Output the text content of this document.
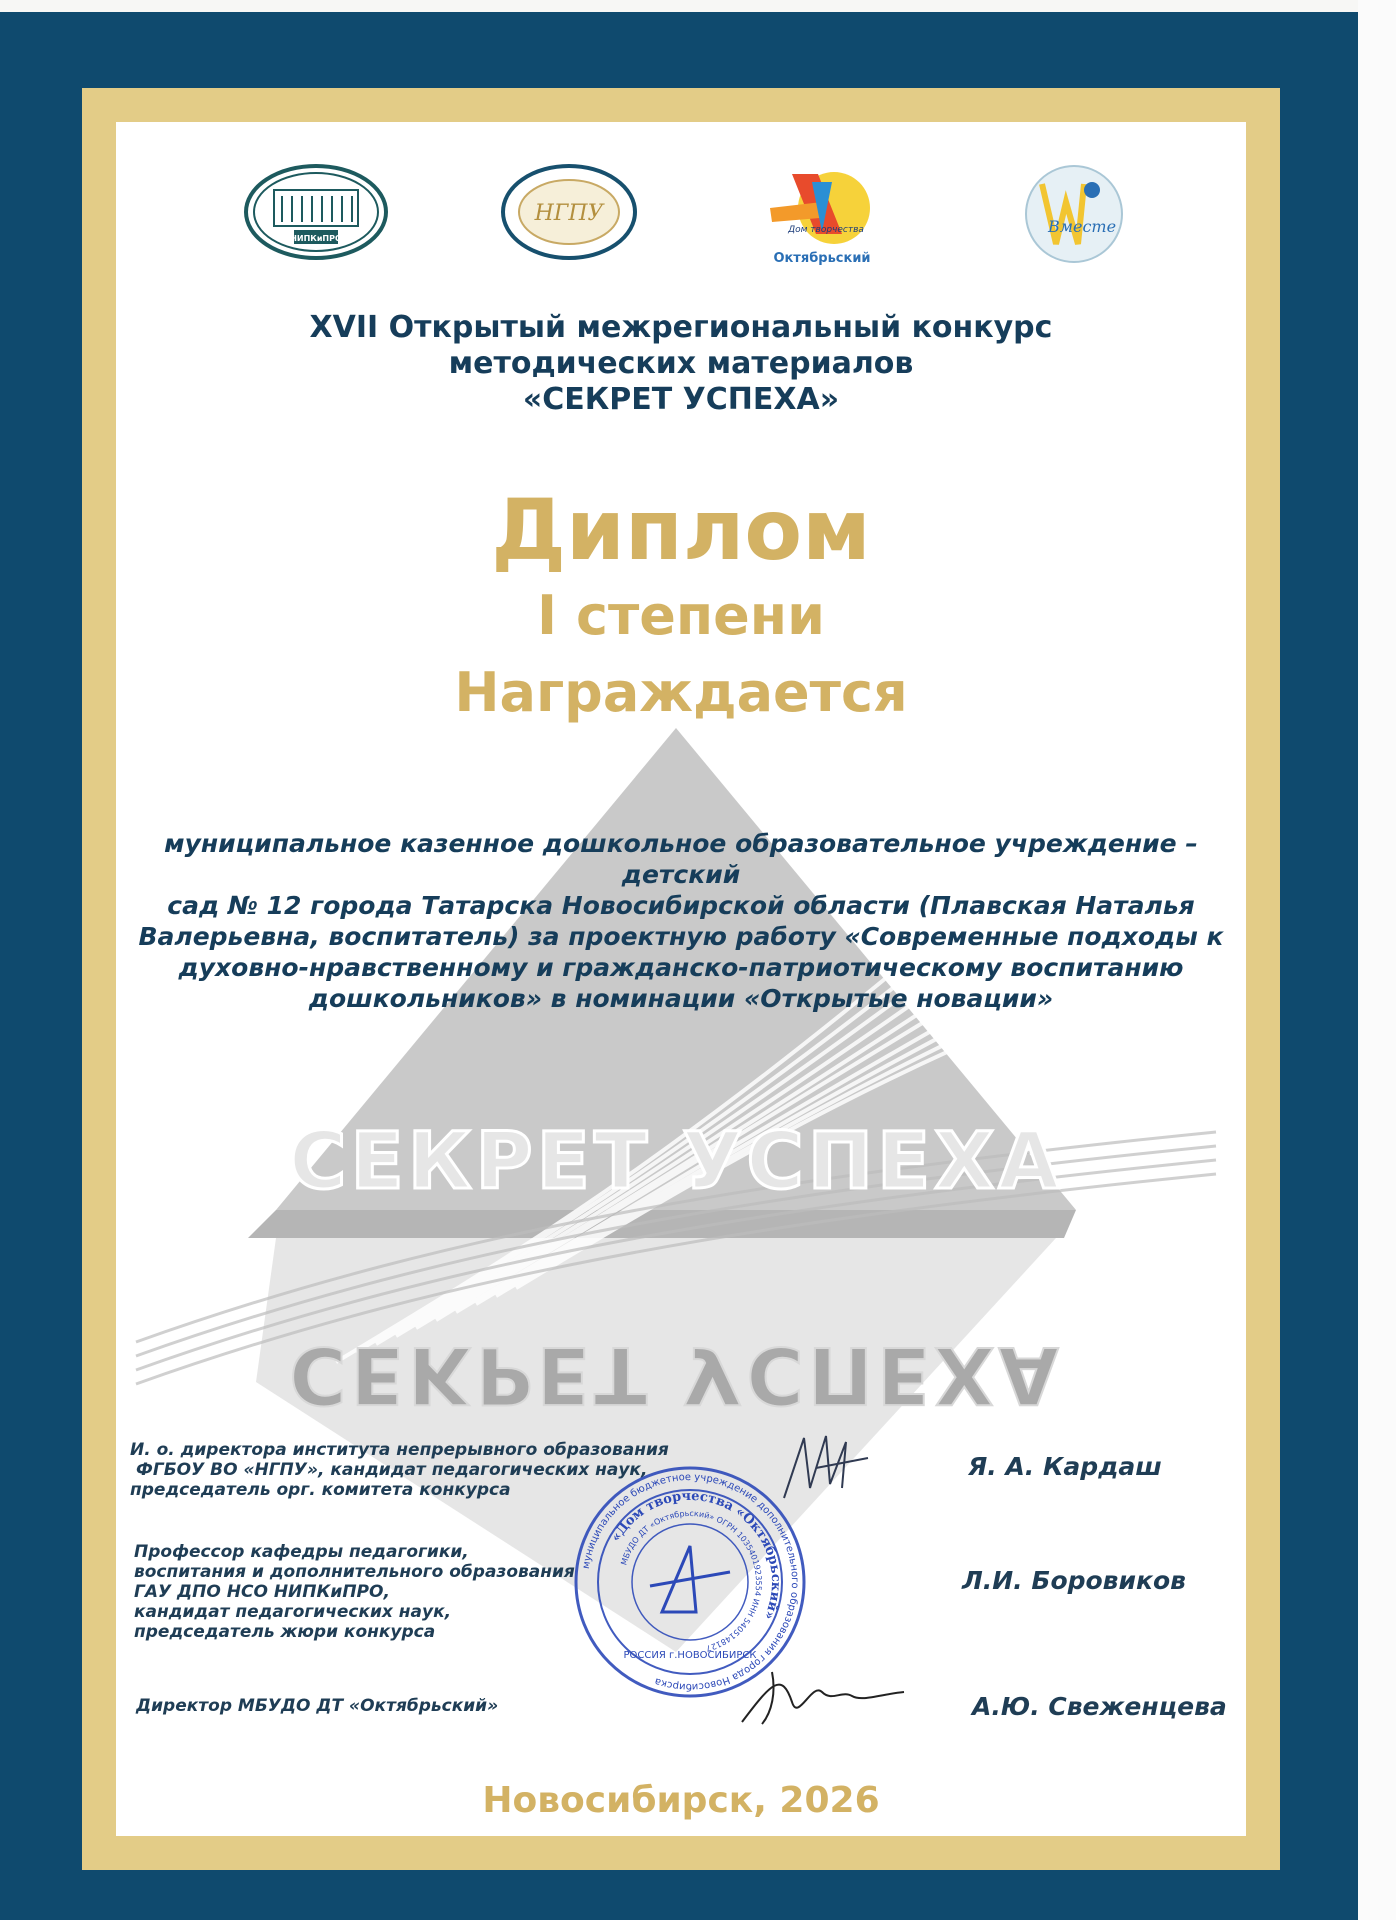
СЕКРЕТ УСПЕХА
СЕКРЕТ УСПЕХА
НИПКиПРО
НГПУ
Дом творчества
Октябрьский
Вместе
XVII Открытый межрегиональный конкурс
методических материалов
«СЕКРЕТ УСПЕХА»
Диплом
I степени
Награждается
муниципальное казенное дошкольное образовательное учреждение – детский
сад № 12 города Татарска Новосибирской области (Плавская Наталья
Валерьевна, воспитатель) за проектную работу «Современные подходы к
духовно-нравственному и гражданско-патриотическому воспитанию
дошкольников» в номинации «Открытые новации»
И. о. директора института непрерывного образования
ФГБОУ ВО «НГПУ», кандидат педагогических наук,
председатель орг. комитета конкурса
Я. А. Кардаш
Профессор кафедры педагогики,
воспитания и дополнительного образования
ГАУ ДПО НСО НИПКиПРО,
кандидат педагогических наук,
председатель жюри конкурса
Л.И. Боровиков
Директор МБУДО ДТ «Октябрьский»	А.Ю. Свеженцева
муниципальное бюджетное учреждение дополнительного образования города Новосибирска
«Дом творчества «Октябрьский»
МБУДО ДТ «Октябрьский» ОГРН 1035401923554 ИНН 5405148127
РОССИЯ г.НОВОСИБИРСК
Новосибирск, 2026
